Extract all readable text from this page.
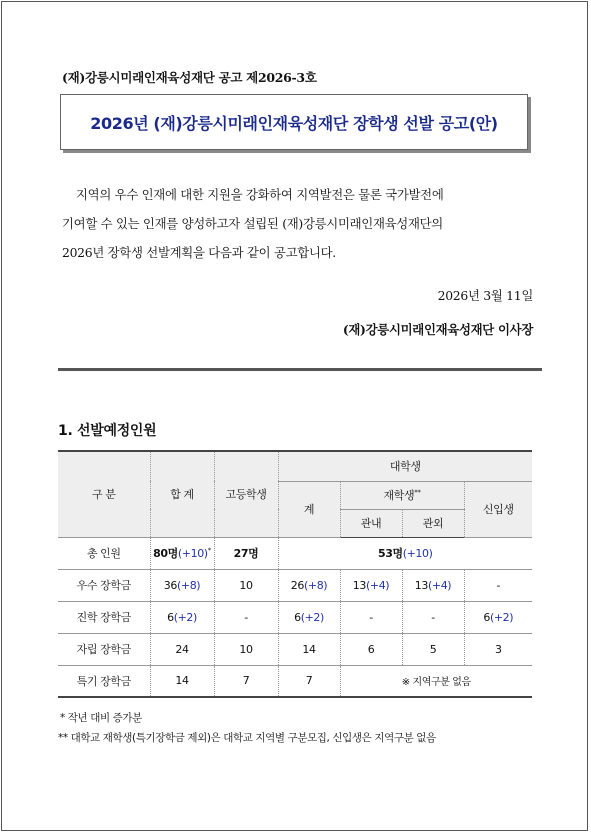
(재)강릉시미래인재육성재단 공고 제2026-3호
2026년 (재)강릉시미래인재육성재단 장학생 선발 공고(안)
지역의 우수 인재에 대한 지원을 강화하여 지역발전은 물론 국가발전에
기여할 수 있는 인재를 양성하고자 설립된 (재)강릉시미래인재육성재단의
2026년 장학생 선발계획을 다음과 같이 공고합니다.
2026년 3월 11일
(재)강릉시미래인재육성재단 이사장
1. 선발예정인원
구 분	합 계	고등학생	대학생			
			계	재학생**		신입생
				관내	관외	
총 인원	80명(+10)*	27명	53명(+10)			
우수 장학금	36(+8)	10	26(+8)	13(+4)	13(+4)	-
진학 장학금	6(+2)	-	6(+2)	-	-	6(+2)
자립 장학금	24	10	14	6	5	3
특기 장학금	14	7	7	※ 지역구분 없음		
* 작년 대비 증가분
** 대학교 재학생(특기장학금 제외)은 대학교 지역별 구분모집, 신입생은 지역구분 없음
